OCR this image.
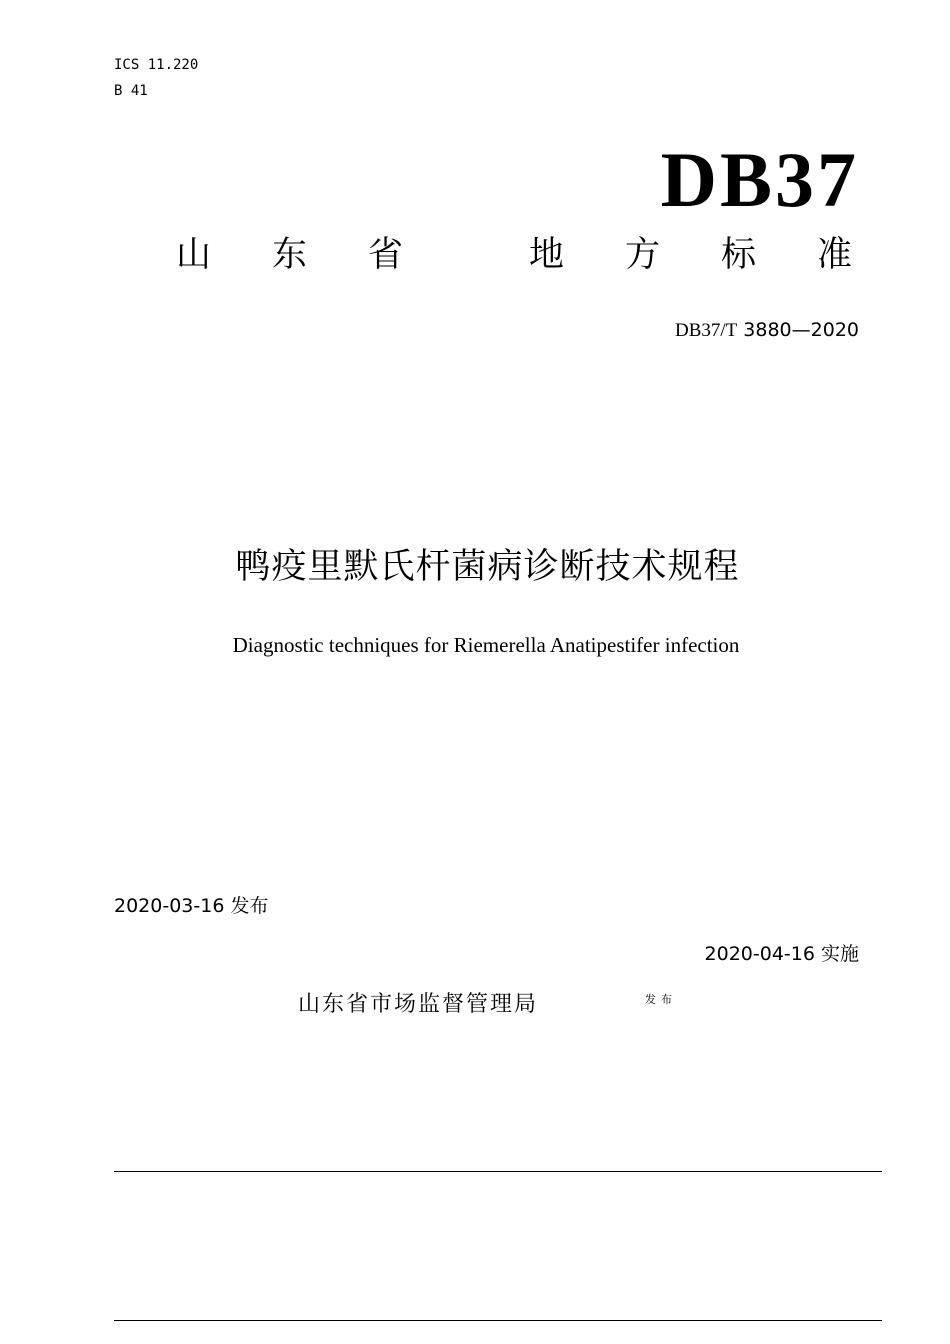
ICS 11.220
B 41
DB37
山 东 省	地 方 标 准
DB37/T 3880—2020
鸭疫里默氏杆菌病诊断技术规程
Diagnostic techniques for Riemerella Anatipestifer infection
2020-03-16 发布
2020-04-16 实施
山东省市场监督管理局	发布
